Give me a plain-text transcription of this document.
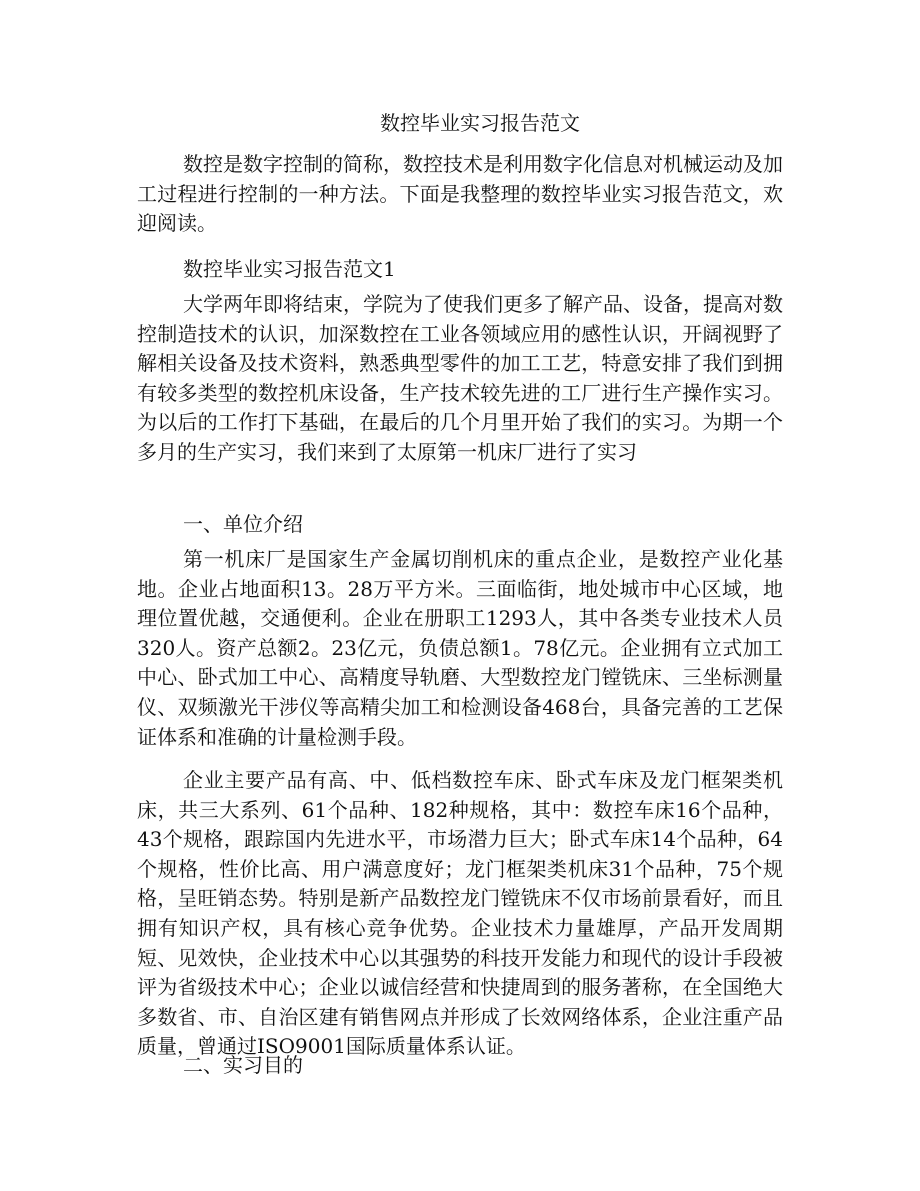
数控毕业实习报告范文

数控是数字控制的简称，数控技术是利用数字化信息对机械运动及加工过程进行控制的一种方法。下面是我整理的数控毕业实习报告范文，欢迎阅读。

数控毕业实习报告范文1

大学两年即将结束，学院为了使我们更多了解产品、设备，提高对数控制造技术的认识，加深数控在工业各领域应用的感性认识，开阔视野了解相关设备及技术资料，熟悉典型零件的加工工艺，特意安排了我们到拥有较多类型的数控机床设备，生产技术较先进的工厂进行生产操作实习。为以后的工作打下基础，在最后的几个月里开始了我们的实习。为期一个多月的生产实习，我们来到了太原第一机床厂进行了实习

一、单位介绍

第一机床厂是国家生产金属切削机床的重点企业，是数控产业化基地。企业占地面积13。28万平方米。三面临街，地处城市中心区域，地理位置优越，交通便利。企业在册职工1293人，其中各类专业技术人员320人。资产总额2。23亿元，负债总额1。78亿元。企业拥有立式加工中心、卧式加工中心、高精度导轨磨、大型数控龙门镗铣床、三坐标测量仪、双频激光干涉仪等高精尖加工和检测设备468台，具备完善的工艺保证体系和准确的计量检测手段。

企业主要产品有高、中、低档数控车床、卧式车床及龙门框架类机床，共三大系列、61个品种、182种规格，其中：数控车床16个品种，43个规格，跟踪国内先进水平，市场潜力巨大；卧式车床14个品种，64个规格，性价比高、用户满意度好；龙门框架类机床31个品种，75个规格，呈旺销态势。特别是新产品数控龙门镗铣床不仅市场前景看好，而且拥有知识产权，具有核心竞争优势。企业技术力量雄厚，产品开发周期短、见效快，企业技术中心以其强势的科技开发能力和现代的设计手段被评为省级技术中心；企业以诚信经营和快捷周到的服务著称，在全国绝大多数省、市、自治区建有销售网点并形成了长效网络体系，企业注重产品质量，曾通过ISO9001国际质量体系认证。

二、实习目的
